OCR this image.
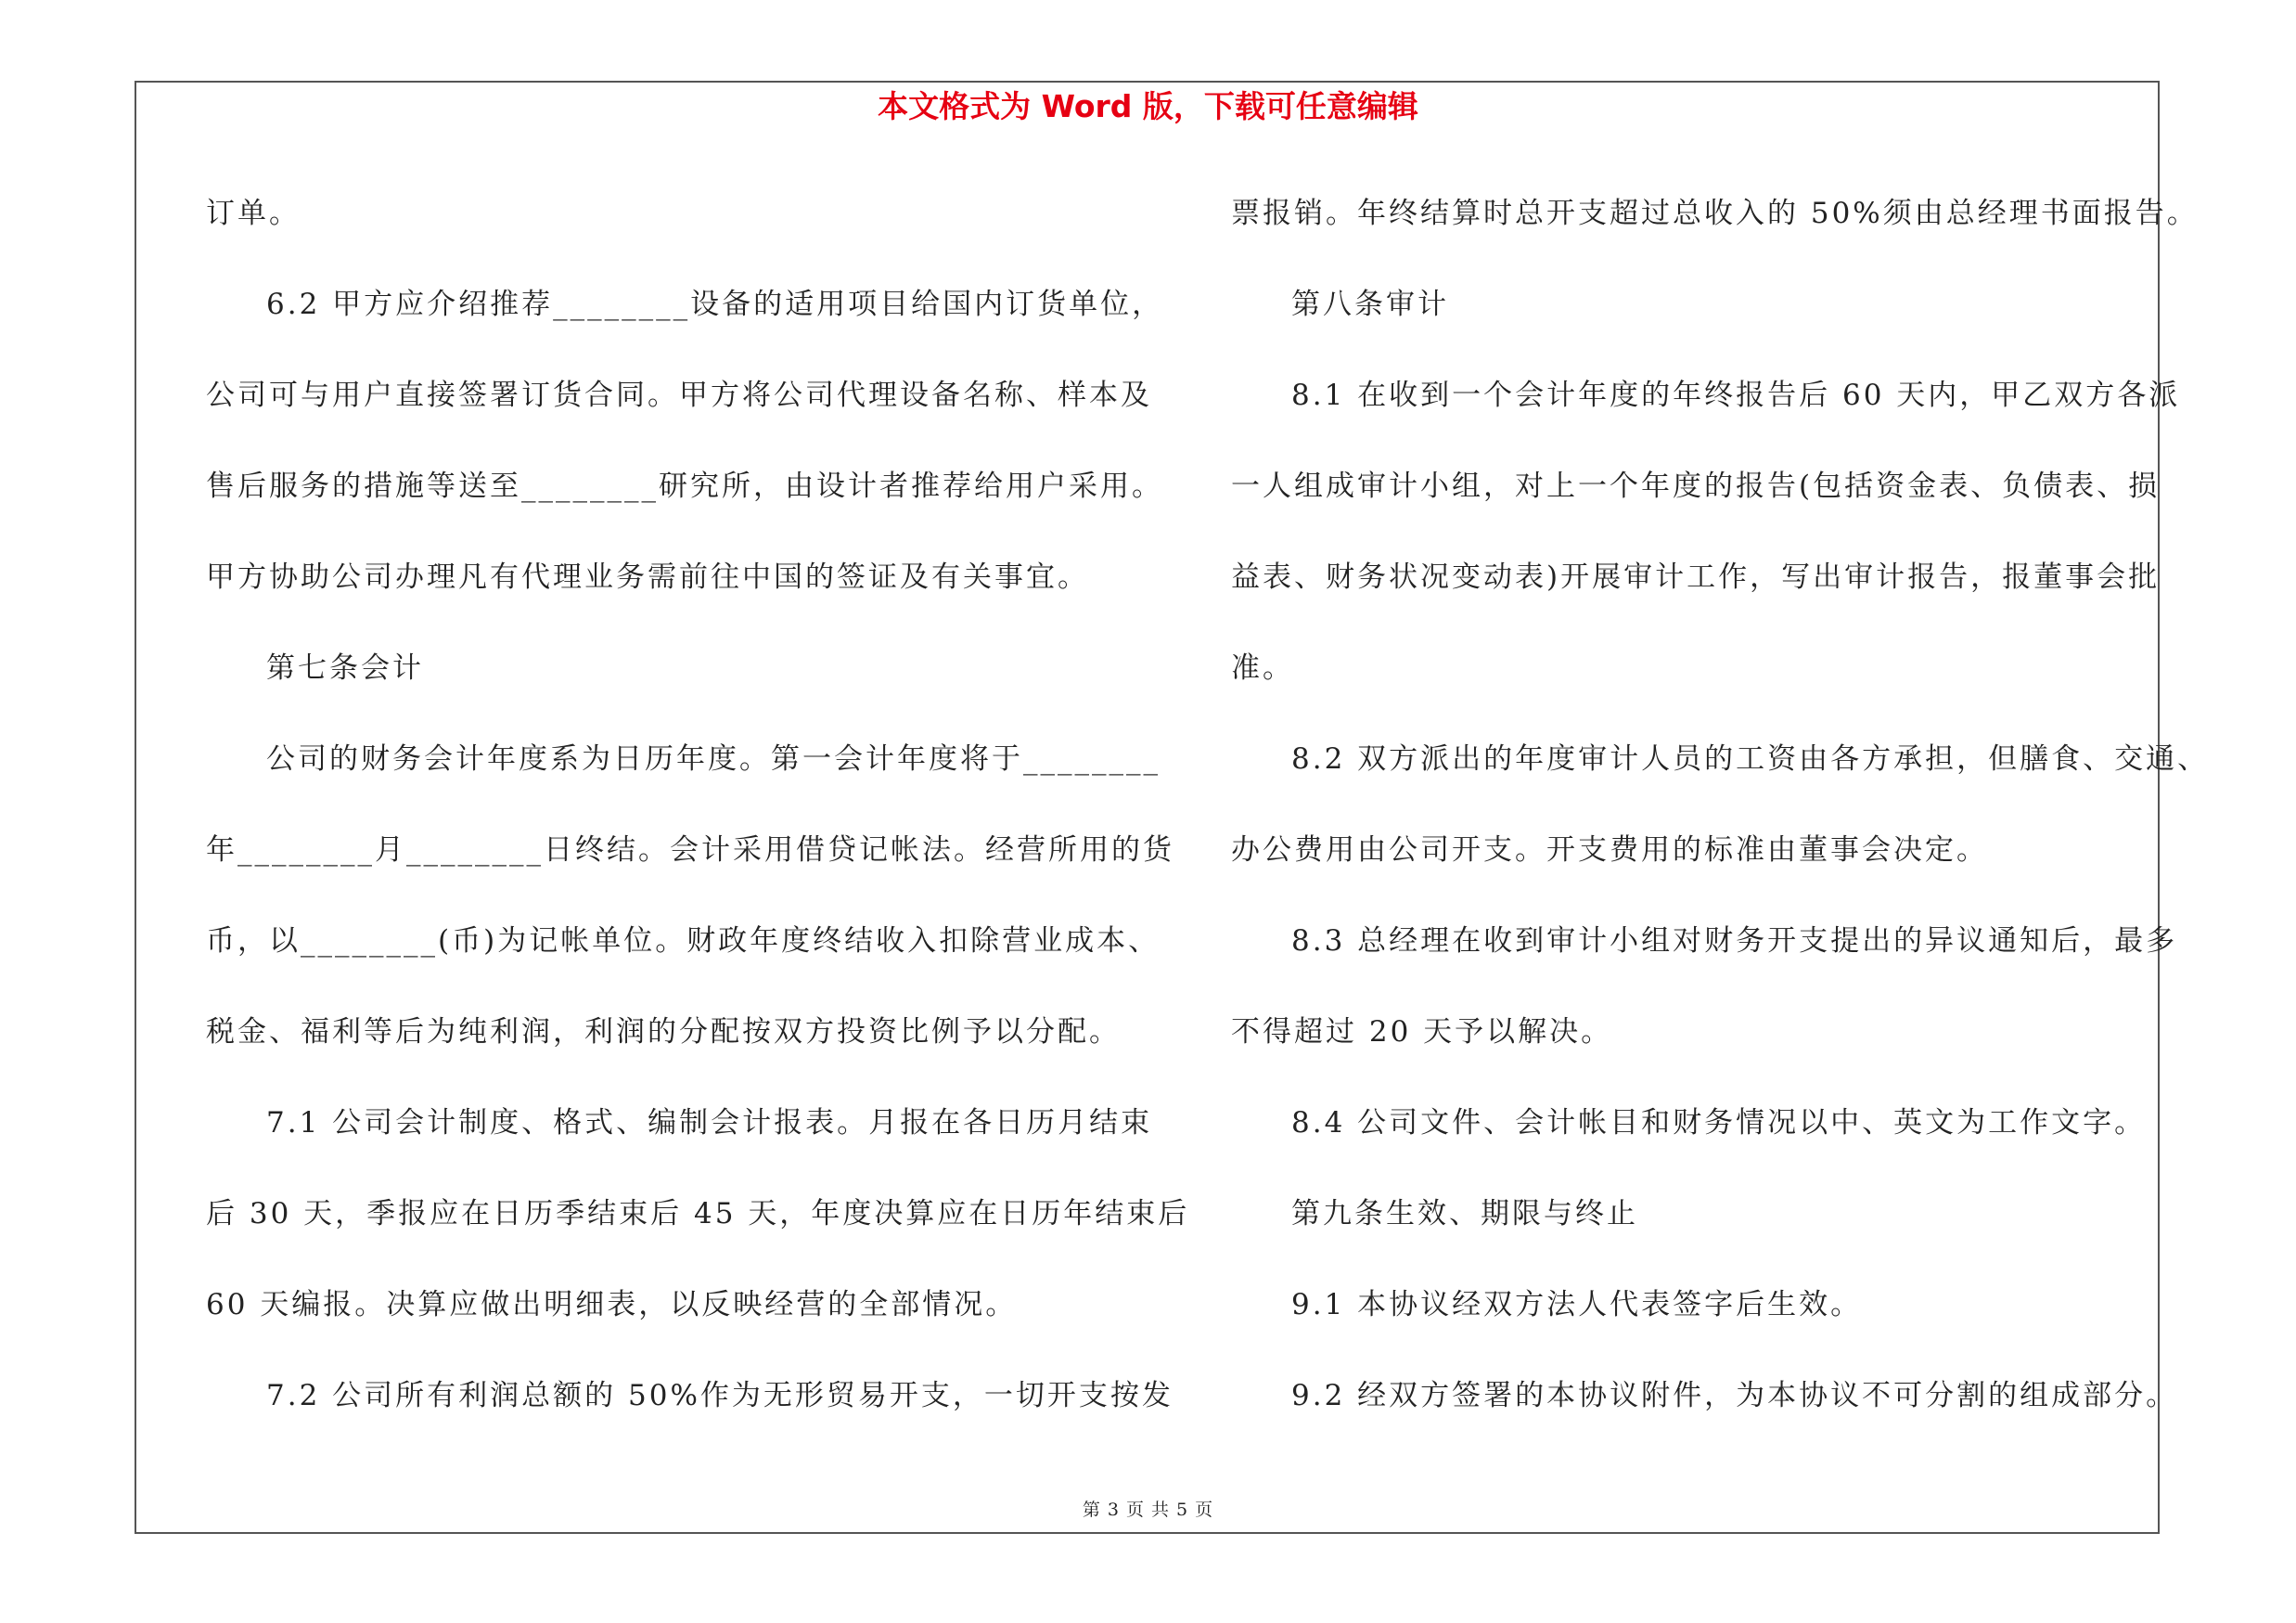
本文格式为 Word 版，下载可任意编辑
订单。
6.2 甲方应介绍推荐________设备的适用项目给国内订货单位，
公司可与用户直接签署订货合同。甲方将公司代理设备名称、样本及
售后服务的措施等送至________研究所，由设计者推荐给用户采用。
甲方协助公司办理凡有代理业务需前往中国的签证及有关事宜。
第七条会计
公司的财务会计年度系为日历年度。第一会计年度将于________
年________月________日终结。会计采用借贷记帐法。经营所用的货
币，以________(币)为记帐单位。财政年度终结收入扣除营业成本、
税金、福利等后为纯利润，利润的分配按双方投资比例予以分配。
7.1 公司会计制度、格式、编制会计报表。月报在各日历月结束
后 30 天，季报应在日历季结束后 45 天，年度决算应在日历年结束后
60 天编报。决算应做出明细表，以反映经营的全部情况。
7.2 公司所有利润总额的 50%作为无形贸易开支，一切开支按发
票报销。年终结算时总开支超过总收入的 50%须由总经理书面报告。
第八条审计
8.1 在收到一个会计年度的年终报告后 60 天内，甲乙双方各派
一人组成审计小组，对上一个年度的报告(包括资金表、负债表、损
益表、财务状况变动表)开展审计工作，写出审计报告，报董事会批
准。
8.2 双方派出的年度审计人员的工资由各方承担，但膳食、交通、
办公费用由公司开支。开支费用的标准由董事会决定。
8.3 总经理在收到审计小组对财务开支提出的异议通知后，最多
不得超过 20 天予以解决。
8.4 公司文件、会计帐目和财务情况以中、英文为工作文字。
第九条生效、期限与终止
9.1 本协议经双方法人代表签字后生效。
9.2 经双方签署的本协议附件，为本协议不可分割的组成部分。
第 3 页 共 5 页
